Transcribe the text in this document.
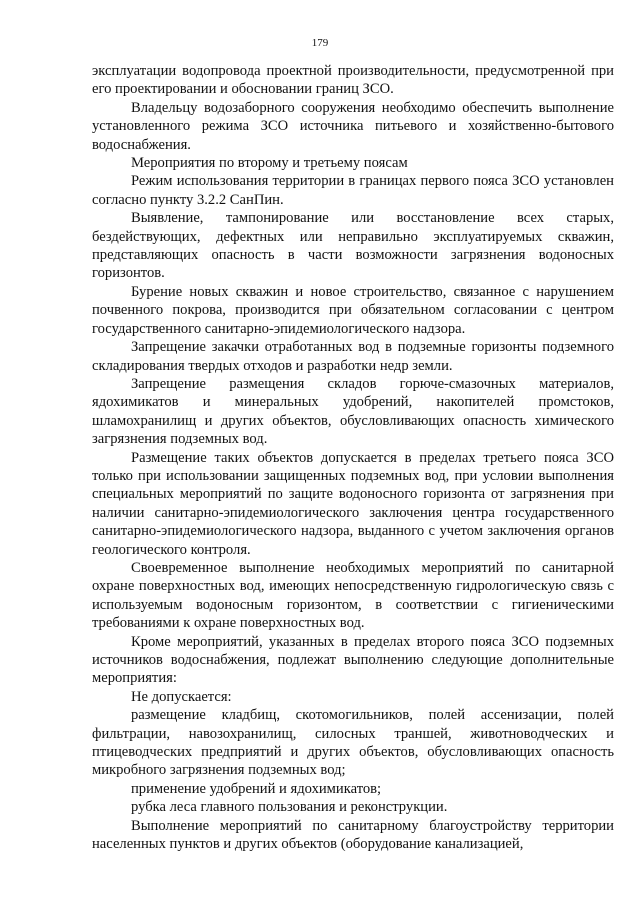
179

эксплуатации водопровода проектной производительности, предусмотренной при его проектировании и обосновании границ ЗСО.

Владельцу водозаборного сооружения необходимо обеспечить выполнение установленного режима ЗСО источника питьевого и хозяйственно-бытового водоснабжения.

Мероприятия по второму и третьему поясам

Режим использования территории в границах первого пояса ЗСО установлен согласно пункту 3.2.2 СанПин.

Выявление, тампонирование или восстановление всех старых, бездействующих, дефектных или неправильно эксплуатируемых скважин, представляющих опасность в части возможности загрязнения водоносных горизонтов.

Бурение новых скважин и новое строительство, связанное с нарушением почвенного покрова, производится при обязательном согласовании с центром государственного санитарно-эпидемиологического надзора.

Запрещение закачки отработанных вод в подземные горизонты подземного складирования твердых отходов и разработки недр земли.

Запрещение размещения складов горюче-смазочных материалов, ядохимикатов и минеральных удобрений, накопителей промстоков, шламохранилищ и других объектов, обусловливающих опасность химического загрязнения подземных вод.

Размещение таких объектов допускается в пределах третьего пояса ЗСО только при использовании защищенных подземных вод, при условии выполнения специальных мероприятий по защите водоносного горизонта от загрязнения при наличии санитарно-эпидемиологического заключения центра государственного санитарно-эпидемиологического надзора, выданного с учетом заключения органов геологического контроля.

Своевременное выполнение необходимых мероприятий по санитарной охране поверхностных вод, имеющих непосредственную гидрологическую связь с используемым водоносным горизонтом, в соответствии с гигиеническими требованиями к охране поверхностных вод.

Кроме мероприятий, указанных в пределах второго пояса ЗСО подземных источников водоснабжения, подлежат выполнению следующие дополнительные мероприятия:

Не допускается:

размещение кладбищ, скотомогильников, полей ассенизации, полей фильтрации, навозохранилищ, силосных траншей, животноводческих и птицеводческих предприятий и других объектов, обусловливающих опасность микробного загрязнения подземных вод;

применение удобрений и ядохимикатов;

рубка леса главного пользования и реконструкции.

Выполнение мероприятий по санитарному благоустройству территории населенных пунктов и других объектов (оборудование канализацией,
